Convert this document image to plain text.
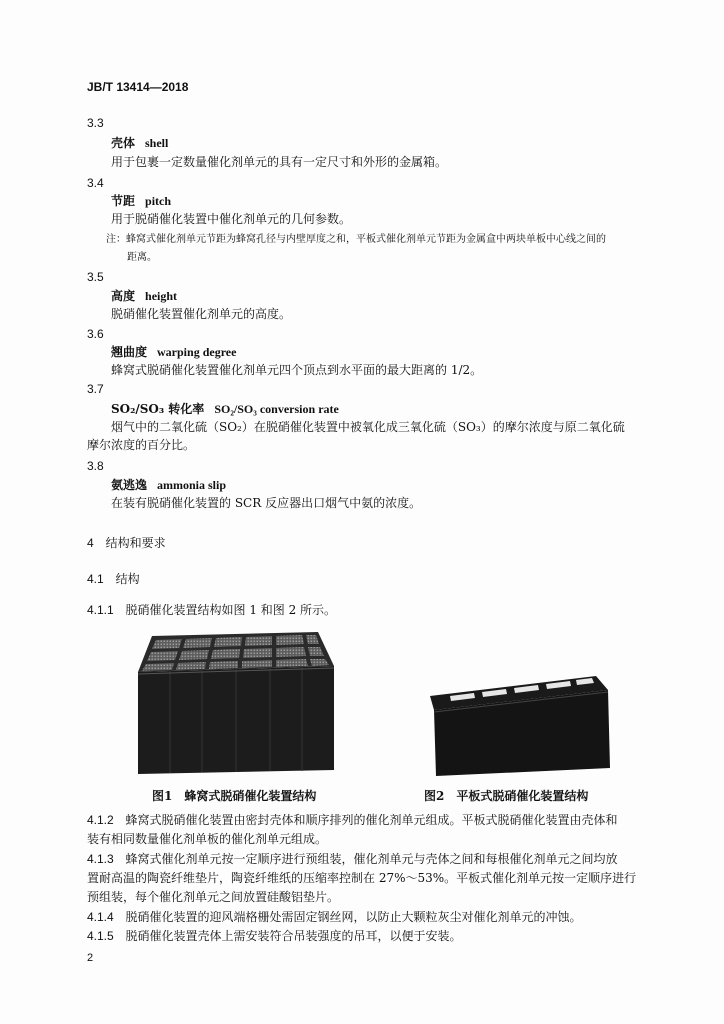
JB/T 13414—2018
3.3
壳体 shell
用于包裹一定数量催化剂单元的具有一定尺寸和外形的金属箱。
3.4
节距 pitch
用于脱硝催化装置中催化剂单元的几何参数。
注：蜂窝式催化剂单元节距为蜂窝孔径与内壁厚度之和，平板式催化剂单元节距为金属盒中两块单板中心线之间的
距离。
3.5
高度 height
脱硝催化装置催化剂单元的高度。
3.6
翘曲度 warping degree
蜂窝式脱硝催化装置催化剂单元四个顶点到水平面的最大距离的 1/2。
3.7
SO₂/SO₃ 转化率 SO₂/SO₃ conversion rate
烟气中的二氧化硫（SO₂）在脱硝催化装置中被氧化成三氧化硫（SO₃）的摩尔浓度与原二氧化硫
摩尔浓度的百分比。
3.8
氨逃逸 ammonia slip
在装有脱硝催化装置的 SCR 反应器出口烟气中氨的浓度。
4　结构和要求
4.1　结构
4.1.1 脱硝催化装置结构如图 1 和图 2 所示。
图1　蜂窝式脱硝催化装置结构	图2　平板式脱硝催化装置结构
4.1.2 蜂窝式脱硝催化装置由密封壳体和顺序排列的催化剂单元组成。平板式脱硝催化装置由壳体和
装有相同数量催化剂单板的催化剂单元组成。
4.1.3 蜂窝式催化剂单元按一定顺序进行预组装，催化剂单元与壳体之间和每根催化剂单元之间均放
置耐高温的陶瓷纤维垫片，陶瓷纤维纸的压缩率控制在 27%～53%。平板式催化剂单元按一定顺序进行
预组装，每个催化剂单元之间放置硅酸铝垫片。
4.1.4 脱硝催化装置的迎风端格栅处需固定钢丝网，以防止大颗粒灰尘对催化剂单元的冲蚀。
4.1.5 脱硝催化装置壳体上需安装符合吊装强度的吊耳，以便于安装。
2
